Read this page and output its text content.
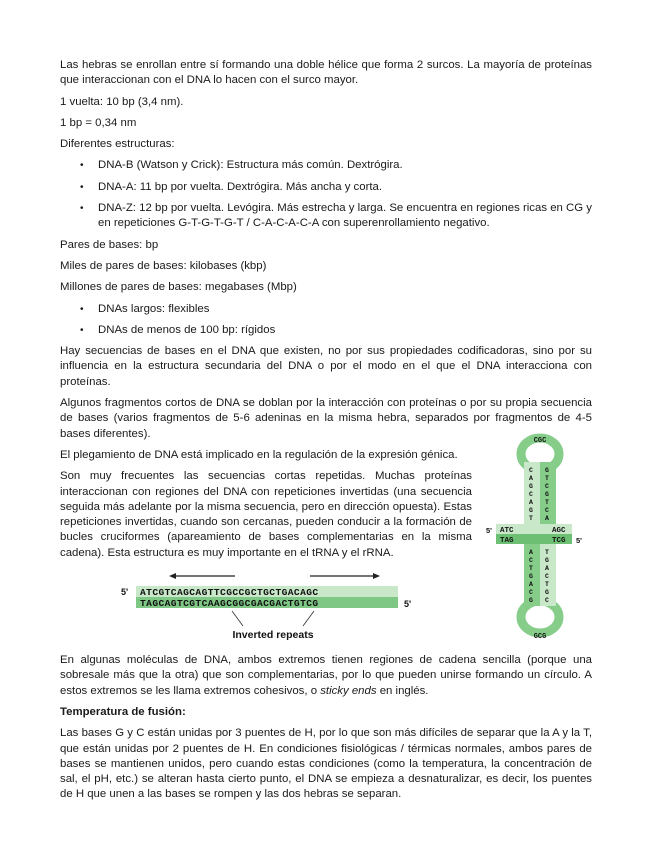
Las hebras se enrollan entre sí formando una doble hélice que forma 2 surcos. La mayoría de proteínas que interaccionan con el DNA lo hacen con el surco mayor.

1 vuelta: 10 bp (3,4 nm).

1 bp = 0,34 nm

Diferentes estructuras:

• DNA-B (Watson y Crick): Estructura más común. Dextrógira.
• DNA-A: 11 bp por vuelta. Dextrógira. Más ancha y corta.
• DNA-Z: 12 bp por vuelta. Levógira. Más estrecha y larga. Se encuentra en regiones ricas en CG y en repeticiones G-T-G-T-G-T / C-A-C-A-C-A con superenrollamiento negativo.

Pares de bases: bp

Miles de pares de bases: kilobases (kbp)

Millones de pares de bases: megabases (Mbp)

• DNAs largos: flexibles
• DNAs de menos de 100 bp: rígidos

Hay secuencias de bases en el DNA que existen, no por sus propiedades codificadoras, sino por su influencia en la estructura secundaria del DNA o por el modo en el que el DNA interacciona con proteínas.

Algunos fragmentos cortos de DNA se doblan por la interacción con proteínas o por su propia secuencia de bases (varios fragmentos de 5-6 adeninas en la misma hebra, separados por fragmentos de 4-5 bases diferentes).

El plegamiento de DNA está implicado en la regulación de la expresión génica.

Son muy frecuentes las secuencias cortas repetidas. Muchas proteínas interaccionan con regiones del DNA con repeticiones invertidas (una secuencia seguida más adelante por la misma secuencia, pero en dirección opuesta). Estas repeticiones invertidas, cuando son cercanas, pueden conducir a la formación de bucles cruciformes (apareamiento de bases complementarias en la misma cadena). Esta estructura es muy importante en el tRNA y el rRNA.

En algunas moléculas de DNA, ambos extremos tienen regiones de cadena sencilla (porque una sobresale más que la otra) que son complementarias, por lo que pueden unirse formando un círculo. A estos extremos se les llama extremos cohesivos, o sticky ends en inglés.

Temperatura de fusión:

Las bases G y C están unidas por 3 puentes de H, por lo que son más difíciles de separar que la A y la T, que están unidas por 2 puentes de H. En condiciones fisiológicas / térmicas normales, ambos pares de bases se mantienen unidos, pero cuando estas condiciones (como la temperatura, la concentración de sal, el pH, etc.) se alteran hasta cierto punto, el DNA se empieza a desnaturalizar, es decir, los puentes de H que unen a las bases se rompen y las dos hebras se separan.

5' ATCGTCAGCAGTTCGCCGCTGCTGACAGC
TAGCAGTCGTCAAGCGGCGACGACTGTCG	5'
Inverted repeats
5' ATC
TAG
AGC
TCG 5'
CGC
GCG
C
A
G
C
A
G
T
G
T
C
G
T
C
A
A
C
T
G
A
C
G
T
G
A
C
T
G
C
